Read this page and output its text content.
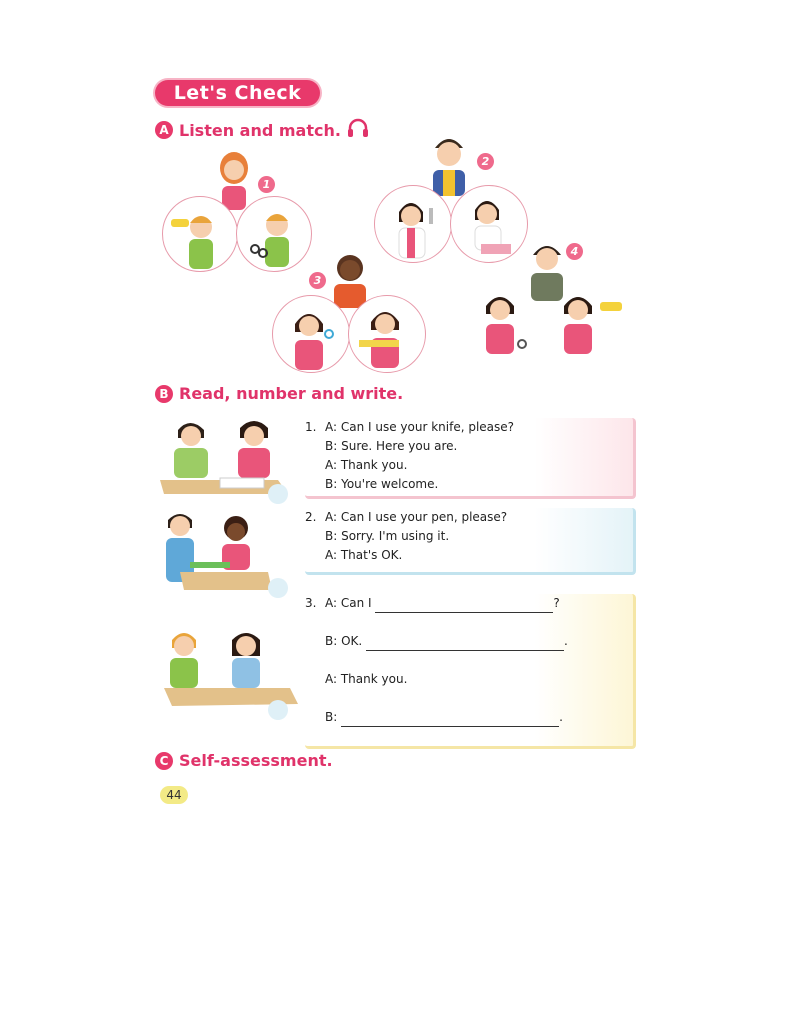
Let's Check
A Listen and match.
1
2
4
3
B Read, number and write.
1. A: Can I use your knife, please?
B: Sure. Here you are.
A: Thank you.
B: You're welcome.
2. A: Can I use your pen, please?
B: Sorry. I'm using it.
A: That's OK.
3. A: Can I	?
B: OK.	.
A: Thank you.
B:	.
C Self-assessment.
44
